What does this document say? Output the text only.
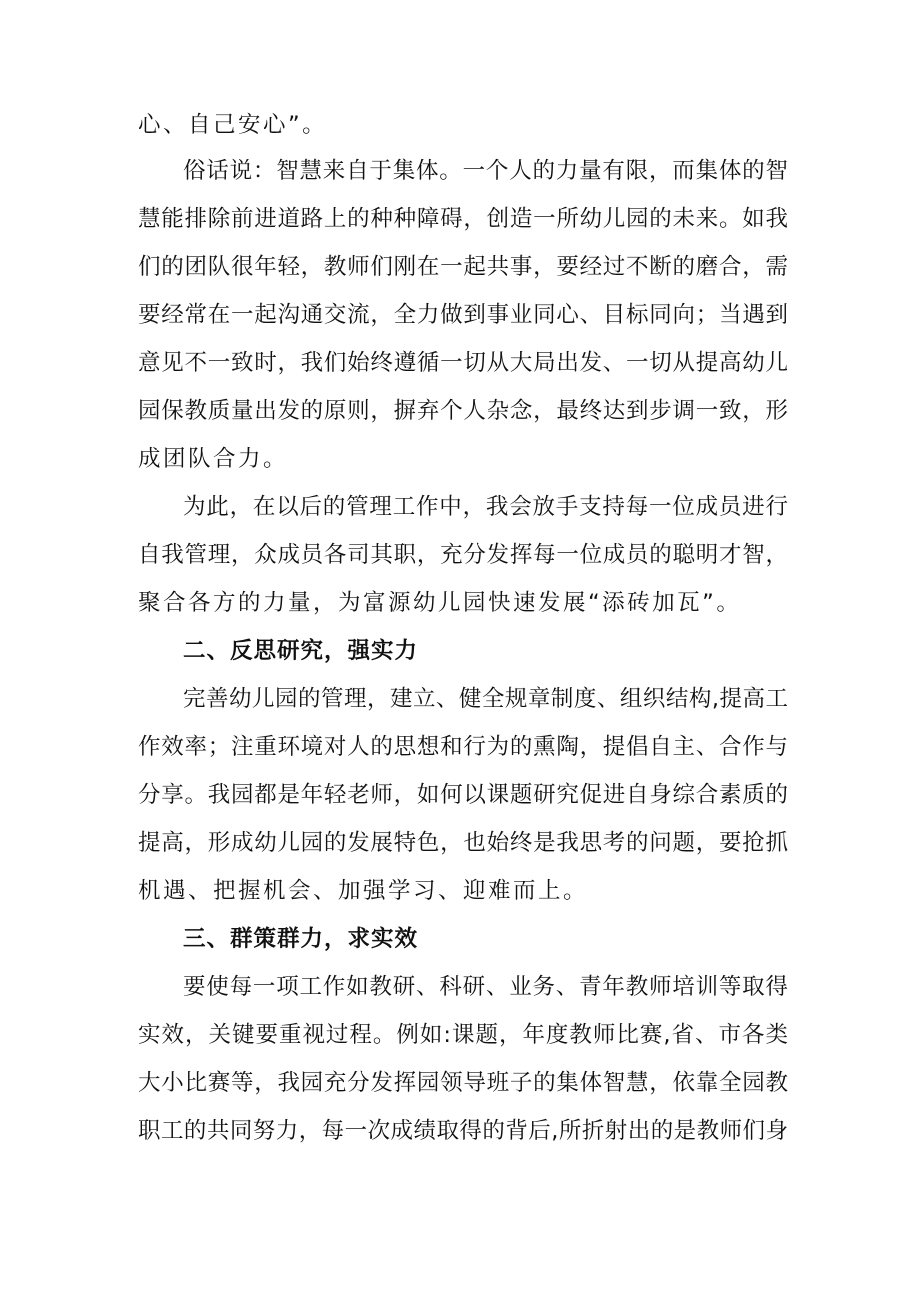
心、自己安心”。

俗话说：智慧来自于集体。一个人的力量有限，而集体的智

慧能排除前进道路上的种种障碍，创造一所幼儿园的未来。如我

们的团队很年轻，教师们刚在一起共事，要经过不断的磨合，需

要经常在一起沟通交流，全力做到事业同心、目标同向；当遇到

意见不一致时，我们始终遵循一切从大局出发、一切从提高幼儿

园保教质量出发的原则，摒弃个人杂念，最终达到步调一致，形

成团队合力。

为此，在以后的管理工作中，我会放手支持每一位成员进行

自我管理，众成员各司其职，充分发挥每一位成员的聪明才智，

聚合各方的力量，为富源幼儿园快速发展“添砖加瓦”。

二、反思研究，强实力

完善幼儿园的管理，建立、健全规章制度、组织结构,提高工

作效率；注重环境对人的思想和行为的熏陶，提倡自主、合作与

分享。我园都是年轻老师，如何以课题研究促进自身综合素质的

提高，形成幼儿园的发展特色，也始终是我思考的问题，要抢抓

机遇、把握机会、加强学习、迎难而上。

三、群策群力，求实效

要使每一项工作如教研、科研、业务、青年教师培训等取得

实效，关键要重视过程。例如:课题，年度教师比赛,省、市各类

大小比赛等，我园充分发挥园领导班子的集体智慧，依靠全园教

职工的共同努力，每一次成绩取得的背后,所折射出的是教师们身
